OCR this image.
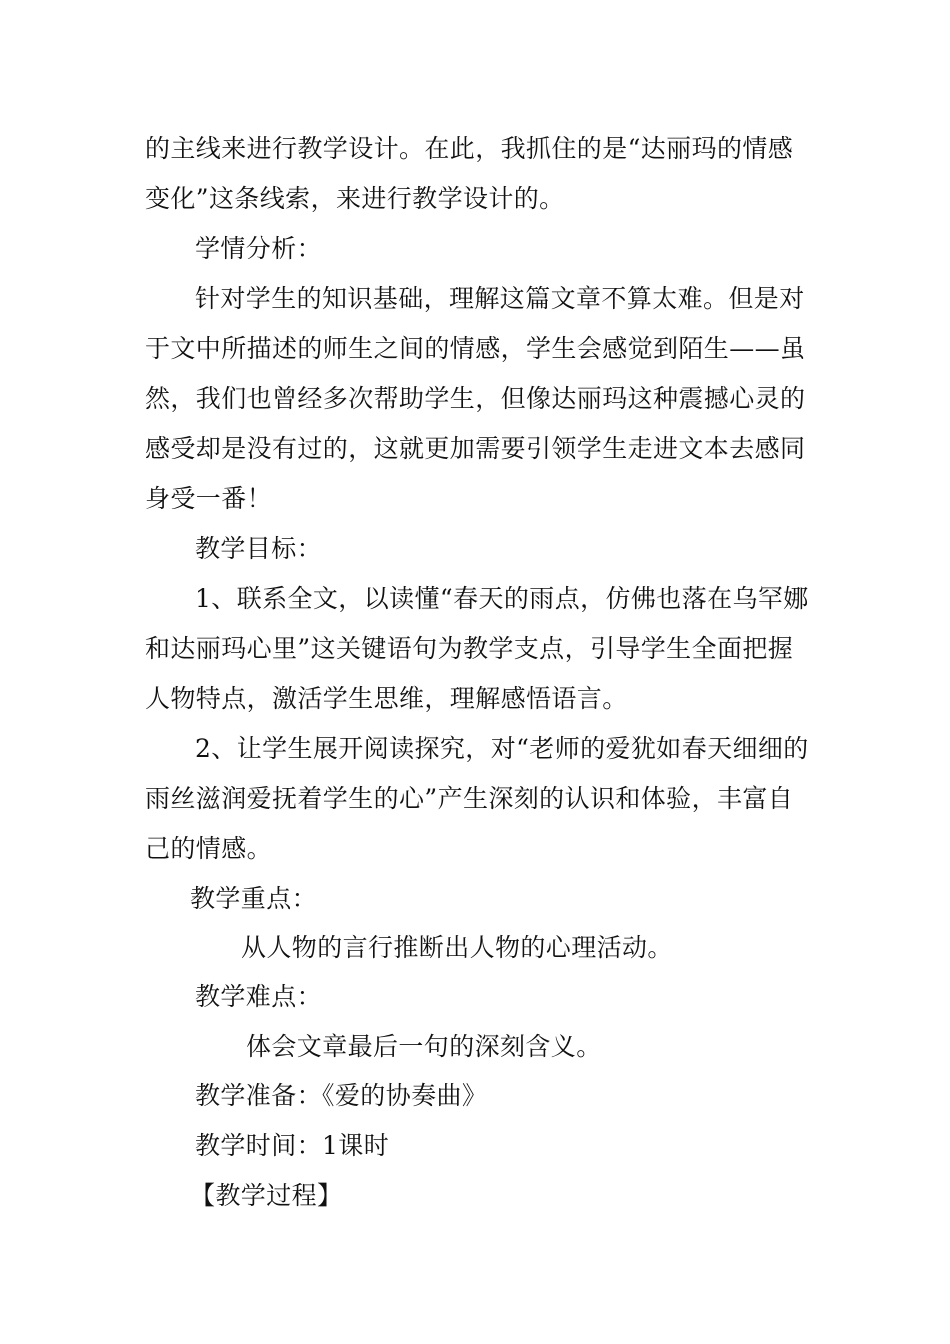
的主线来进行教学设计。在此，我抓住的是“达丽玛的情感
变化”这条线索，来进行教学设计的。
学情分析：
针对学生的知识基础，理解这篇文章不算太难。但是对
于文中所描述的师生之间的情感，学生会感觉到陌生——虽
然，我们也曾经多次帮助学生，但像达丽玛这种震撼心灵的
感受却是没有过的，这就更加需要引领学生走进文本去感同
身受一番！
教学目标：
1、联系全文，以读懂“春天的雨点，仿佛也落在乌罕娜
和达丽玛心里”这关键语句为教学支点，引导学生全面把握
人物特点，激活学生思维，理解感悟语言。
2、让学生展开阅读探究，对“老师的爱犹如春天细细的
雨丝滋润爱抚着学生的心”产生深刻的认识和体验，丰富自
己的情感。
教学重点：
从人物的言行推断出人物的心理活动。
教学难点：
体会文章最后一句的深刻含义。
教学准备：《爱的协奏曲》
教学时间：1课时
【教学过程】
